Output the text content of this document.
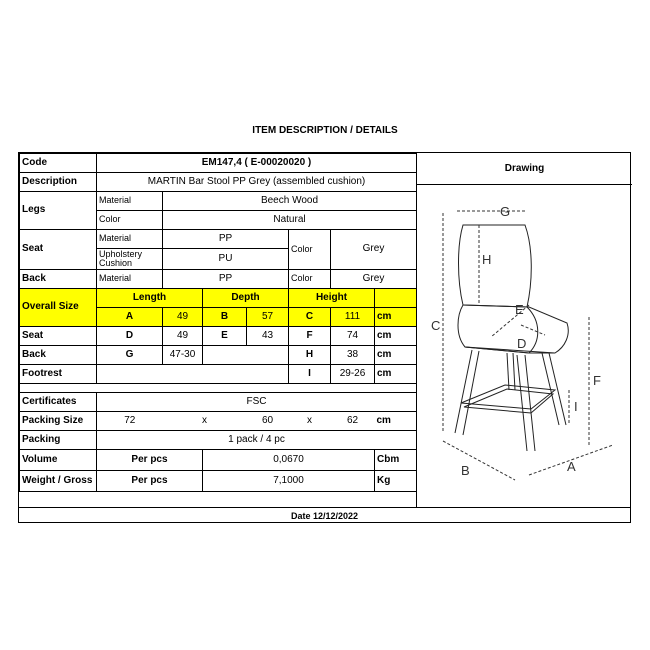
ITEM DESCRIPTION / DETAILS
Code	EM147,4 ( E-00020020 )						
Description	MARTIN Bar Stool PP Grey (assembled cushion)						
Legs	Material	Beech Wood					
	Color	Natural					
Seat	Material	PP			Color	Grey	
	Upholstery Cushion	PU					
Back	Material	PP			Color	Grey	
Overall Size	Length		Depth		Height		
	A	49	B	57	C	111	cm
Seat	D	49	E	43	F	74	cm
Back	G	47-30			H	38	cm
Footrest					I	29-26	cm

Certificates	FSC						
Packing Size	72	x		60	x	62	cm
Packing	1 pack / 4 pc						
Volume	Per pcs		0,0670				Cbm
Weight / Gross	Per pcs		7,1000				Kg
Drawing
G
H
C
E
D
F
I
B	A
Date 12/12/2022
